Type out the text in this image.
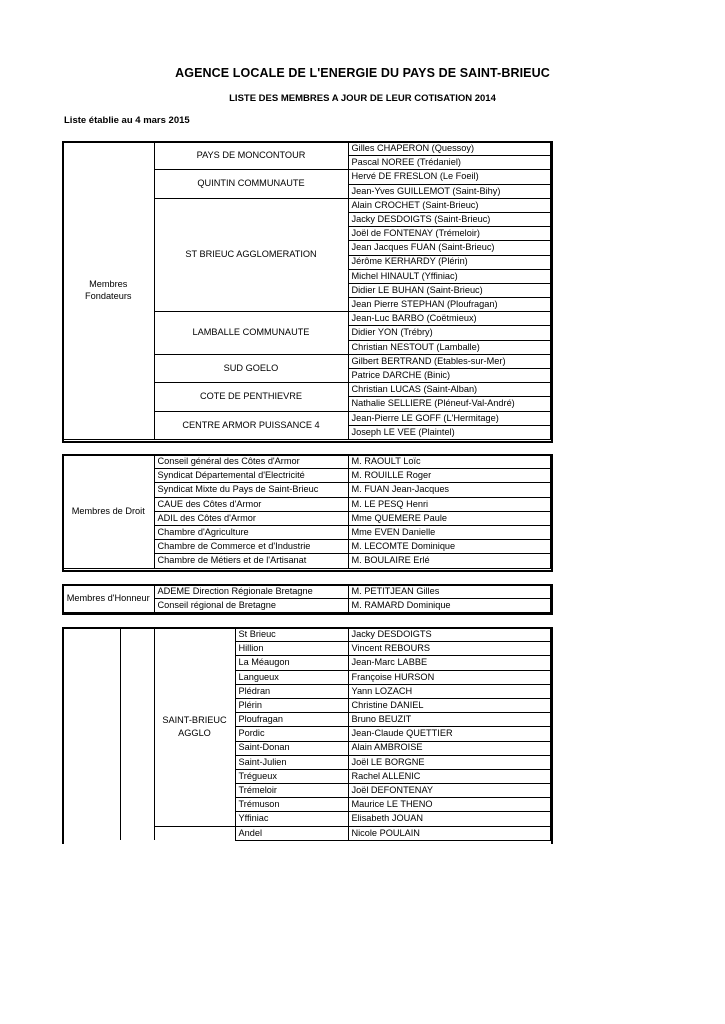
AGENCE LOCALE DE L'ENERGIE DU PAYS DE SAINT-BRIEUC
LISTE DES MEMBRES A JOUR DE LEUR COTISATION 2014
Liste établie au 4 mars 2015
Membres Fondateurs	PAYS DE MONCONTOUR	Gilles CHAPERON (Quessoy)
		Pascal NOREE (Trédaniel)
	QUINTIN COMMUNAUTE	Hervé DE FRESLON (Le Foeil)
		Jean-Yves GUILLEMOT (Saint-Bihy)
	ST BRIEUC AGGLOMERATION	Alain CROCHET (Saint-Brieuc)
		Jacky DESDOIGTS (Saint-Brieuc)
		Joël de FONTENAY (Trémeloir)
		Jean Jacques FUAN (Saint-Brieuc)
		Jérôme KERHARDY (Plérin)
		Michel HINAULT (Yffiniac)
		Didier LE BUHAN (Saint-Brieuc)
		Jean Pierre STEPHAN (Ploufragan)
	LAMBALLE COMMUNAUTE	Jean-Luc BARBO (Coëtmieux)
		Didier YON (Trébry)
		Christian NESTOUT (Lamballe)
	SUD GOELO	Gilbert BERTRAND (Etables-sur-Mer)
		Patrice DARCHE (Binic)
	COTE DE PENTHIEVRE	Christian LUCAS (Saint-Alban)
		Nathalie SELLIERE (Pléneuf-Val-André)
	CENTRE ARMOR PUISSANCE 4	Jean-Pierre LE GOFF (L'Hermitage)
		Joseph LE VEE (Plaintel)
Membres de Droit	Conseil général des Côtes d'Armor	M. RAOULT Loïc
	Syndicat Départemental d'Electricité	M. ROUILLE Roger
	Syndicat Mixte du Pays de Saint-Brieuc	M. FUAN Jean-Jacques
	CAUE des Côtes d'Armor	M. LE PESQ Henri
	ADIL des Côtes d'Armor	Mme QUEMERE Paule
	Chambre d'Agriculture	Mme EVEN Danielle
	Chambre de Commerce et d'Industrie	M. LECOMTE Dominique
	Chambre de Métiers et de l'Artisanat	M. BOULAIRE Erlé
Membres d'Honneur	ADEME Direction Régionale Bretagne	M. PETITJEAN Gilles
	Conseil régional de Bretagne	M. RAMARD Dominique
		SAINT-BRIEUC AGGLO	St Brieuc	Jacky DESDOIGTS
			Hillion	Vincent REBOURS
			La Méaugon	Jean-Marc LABBE
			Langueux	Françoise HURSON
			Plédran	Yann LOZACH
			Plérin	Christine DANIEL
			Ploufragan	Bruno BEUZIT
			Pordic	Jean-Claude QUETTIER
			Saint-Donan	Alain AMBROISE
			Saint-Julien	Joël LE BORGNE
			Trégueux	Rachel ALLENIC
			Trémeloir	Joël DEFONTENAY
			Trémuson	Maurice LE THENO
			Yffiniac	Elisabeth JOUAN
			Andel	Nicole POULAIN
